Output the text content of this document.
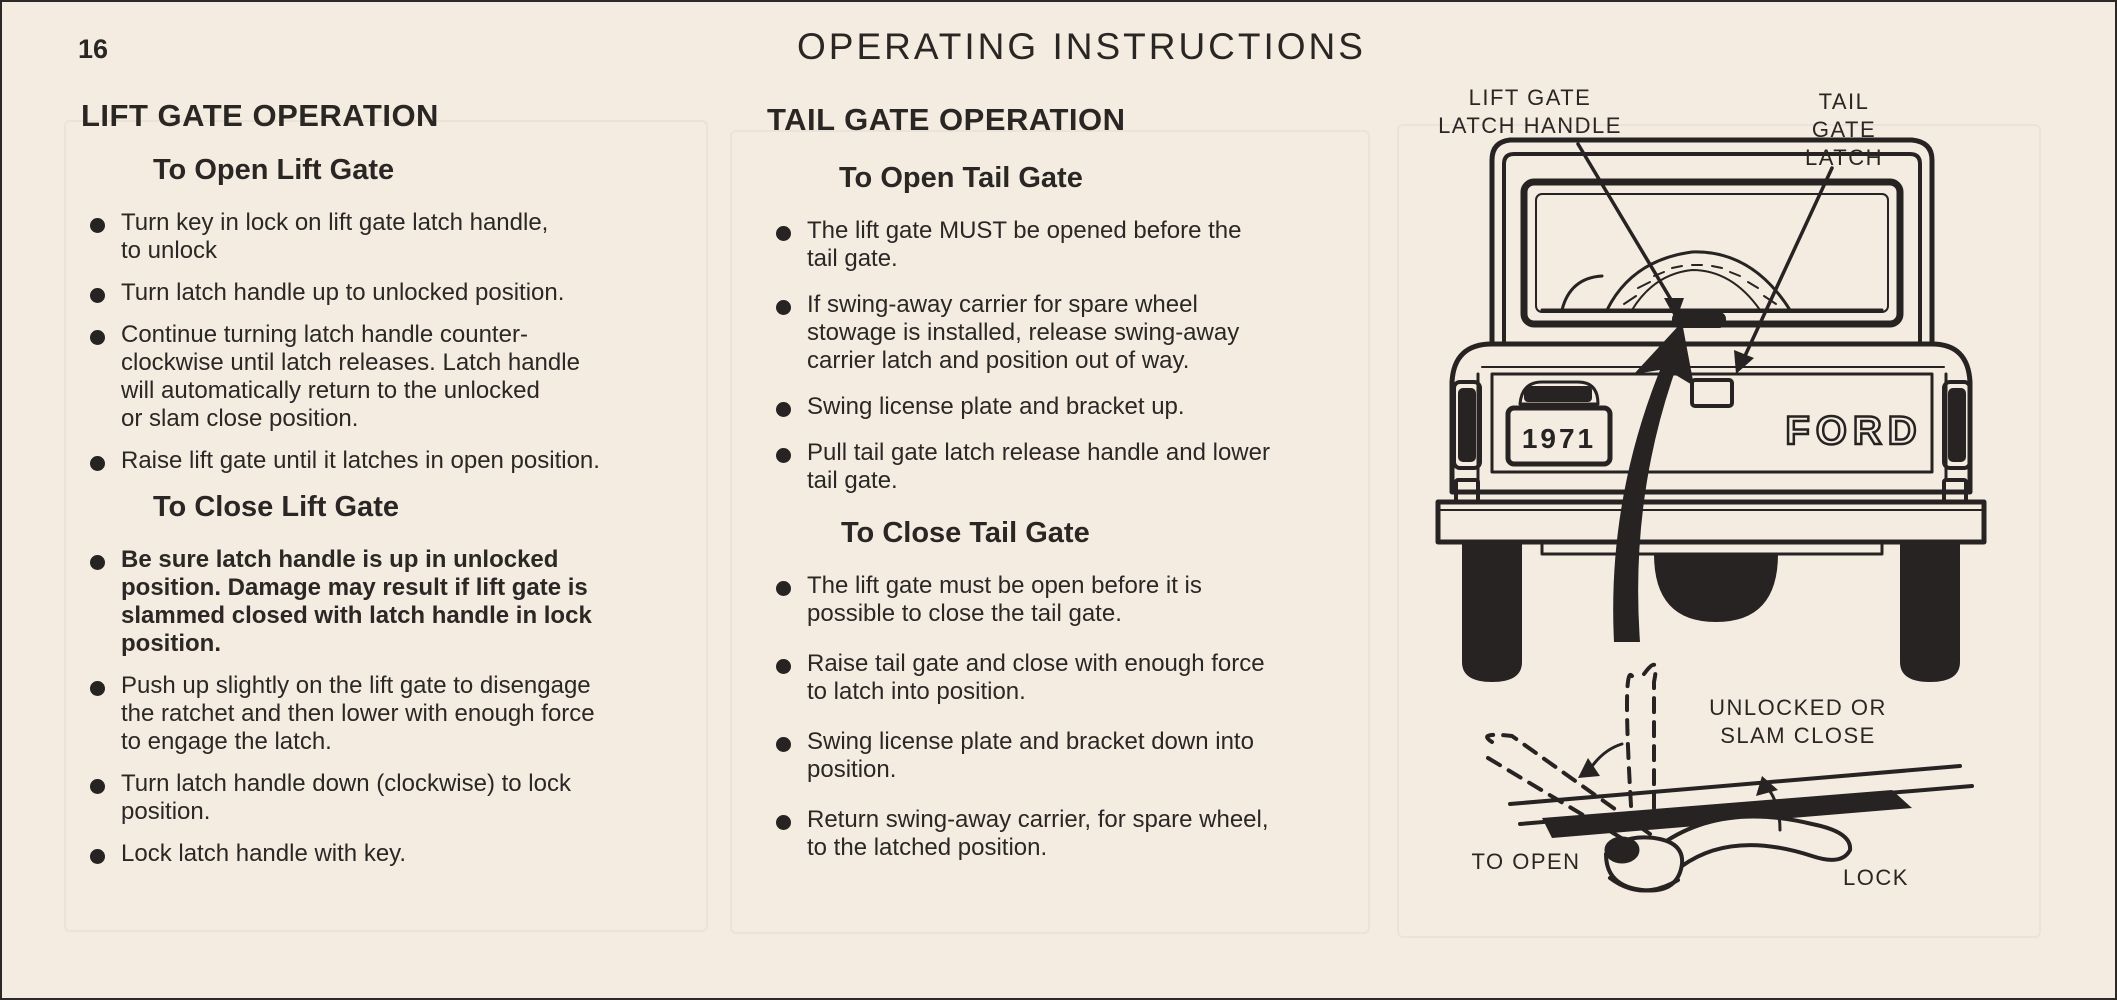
16	OPERATING INSTRUCTIONS
LIFT GATE OPERATION
To Open Lift Gate
Turn key in lock on lift gate latch handle,
to unlock
Turn latch handle up to unlocked position.
Continue turning latch handle counter-
clockwise until latch releases. Latch handle
will automatically return to the unlocked
or slam close position.
Raise lift gate until it latches in open position.
To Close Lift Gate
Be sure latch handle is up in unlocked
position. Damage may result if lift gate is
slammed closed with latch handle in lock
position.
Push up slightly on the lift gate to disengage
the ratchet and then lower with enough force
to engage the latch.
Turn latch handle down (clockwise) to lock
position.
Lock latch handle with key.
TAIL GATE OPERATION
To Open Tail Gate
The lift gate MUST be opened before the
tail gate.
If swing-away carrier for spare wheel
stowage is installed, release swing-away
carrier latch and position out of way.
Swing license plate and bracket up.
Pull tail gate latch release handle and lower
tail gate.
To Close Tail Gate
The lift gate must be open before it is
possible to close the tail gate.
Raise tail gate and close with enough force
to latch into position.
Swing license plate and bracket down into
position.
Return swing-away carrier, for spare wheel,
to the latched position.
FORD
1971
LIFT GATE
LATCH HANDLE
TAIL
GATE
LATCH
UNLOCKED OR
SLAM CLOSE
TO OPEN
LOCK
